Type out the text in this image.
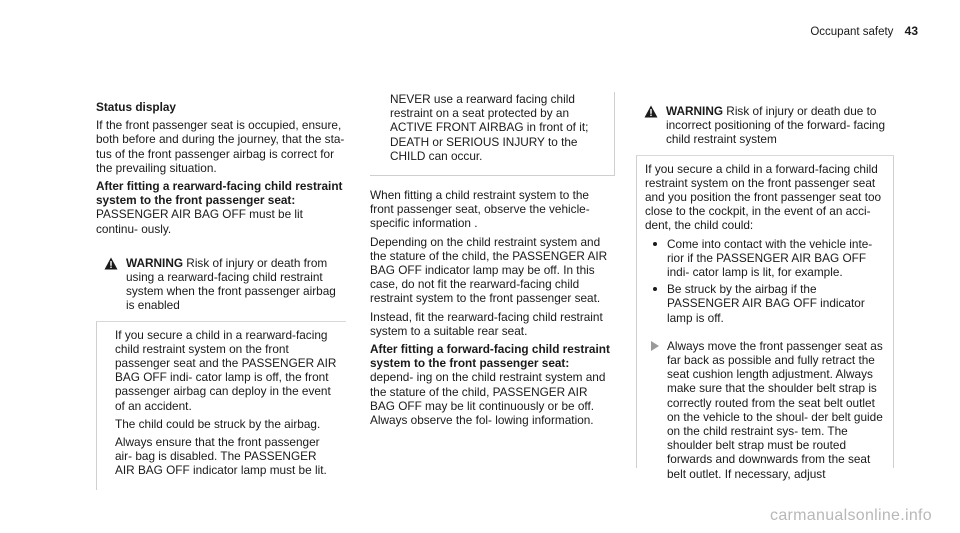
Occupant safety 43

Status display

If the front passenger seat is occupied, ensure, both before and during the journey, that the sta- tus of the front passenger airbag is correct for the prevailing situation.

After fitting a rearward-facing child restraint system to the front passenger seat:

PASSENGER AIR BAG OFF must be lit continu- ously.

WARNING Risk of injury or death from using a rearward-facing child restraint system when the front passenger airbag is enabled

If you secure a child in a rearward-facing child restraint system on the front passenger seat and the PASSENGER AIR BAG OFF indi- cator lamp is off, the front passenger airbag can deploy in the event of an accident.

The child could be struck by the airbag.

Always ensure that the front passenger air- bag is disabled. The PASSENGER AIR BAG OFF indicator lamp must be lit.

NEVER use a rearward facing child restraint on a seat protected by an ACTIVE FRONT AIRBAG in front of it; DEATH or SERIOUS INJURY to the CHILD can occur.

When fitting a child restraint system to the front passenger seat, observe the vehicle-specific information .

Depending on the child restraint system and the stature of the child, the PASSENGER AIR BAG OFF indicator lamp may be off. In this case, do not fit the rearward-facing child restraint system to the front passenger seat.

Instead, fit the rearward-facing child restraint system to a suitable rear seat.

After fitting a forward-facing child restraint system to the front passenger seat: depend- ing on the child restraint system and the stature of the child, PASSENGER AIR BAG OFF may be lit continuously or be off. Always observe the fol- lowing information.

WARNING Risk of injury or death due to incorrect positioning of the forward- facing child restraint system

If you secure a child in a forward-facing child restraint system on the front passenger seat and you position the front passenger seat too close to the cockpit, in the event of an acci- dent, the child could:

Come into contact with the vehicle inte- rior if the PASSENGER AIR BAG OFF indi- cator lamp is lit, for example.
Be struck by the airbag if the PASSENGER AIR BAG OFF indicator lamp is off.
Always move the front passenger seat as far back as possible and fully retract the seat cushion length adjustment. Always make sure that the shoulder belt strap is correctly routed from the seat belt outlet on the vehicle to the shoul- der belt guide on the child restraint sys- tem. The shoulder belt strap must be routed forwards and downwards from the seat belt outlet. If necessary, adjust
carmanualsonline.info
